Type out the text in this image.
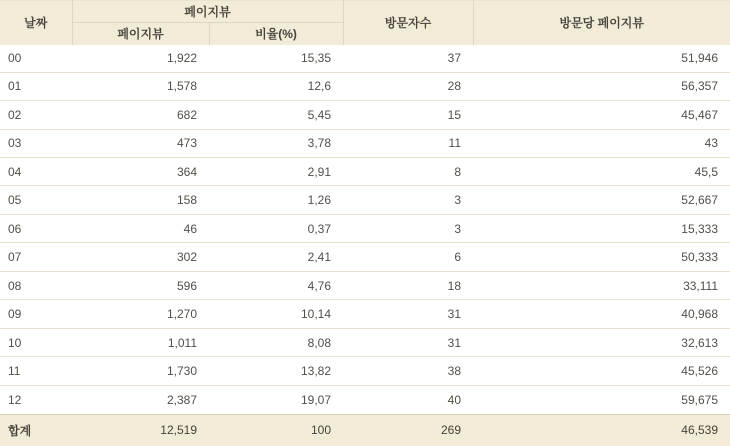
날짜	페이지뷰		방문자수	방문당 페이지뷰
	페이지뷰	비율(%)		
00	1,922	15,35	37	51,946
01	1,578	12,6	28	56,357
02	682	5,45	15	45,467
03	473	3,78	11	43
04	364	2,91	8	45,5
05	158	1,26	3	52,667
06	46	0,37	3	15,333
07	302	2,41	6	50,333
08	596	4,76	18	33,111
09	1,270	10,14	31	40,968
10	1,011	8,08	31	32,613
11	1,730	13,82	38	45,526
12	2,387	19,07	40	59,675
합계	12,519	100	269	46,539
